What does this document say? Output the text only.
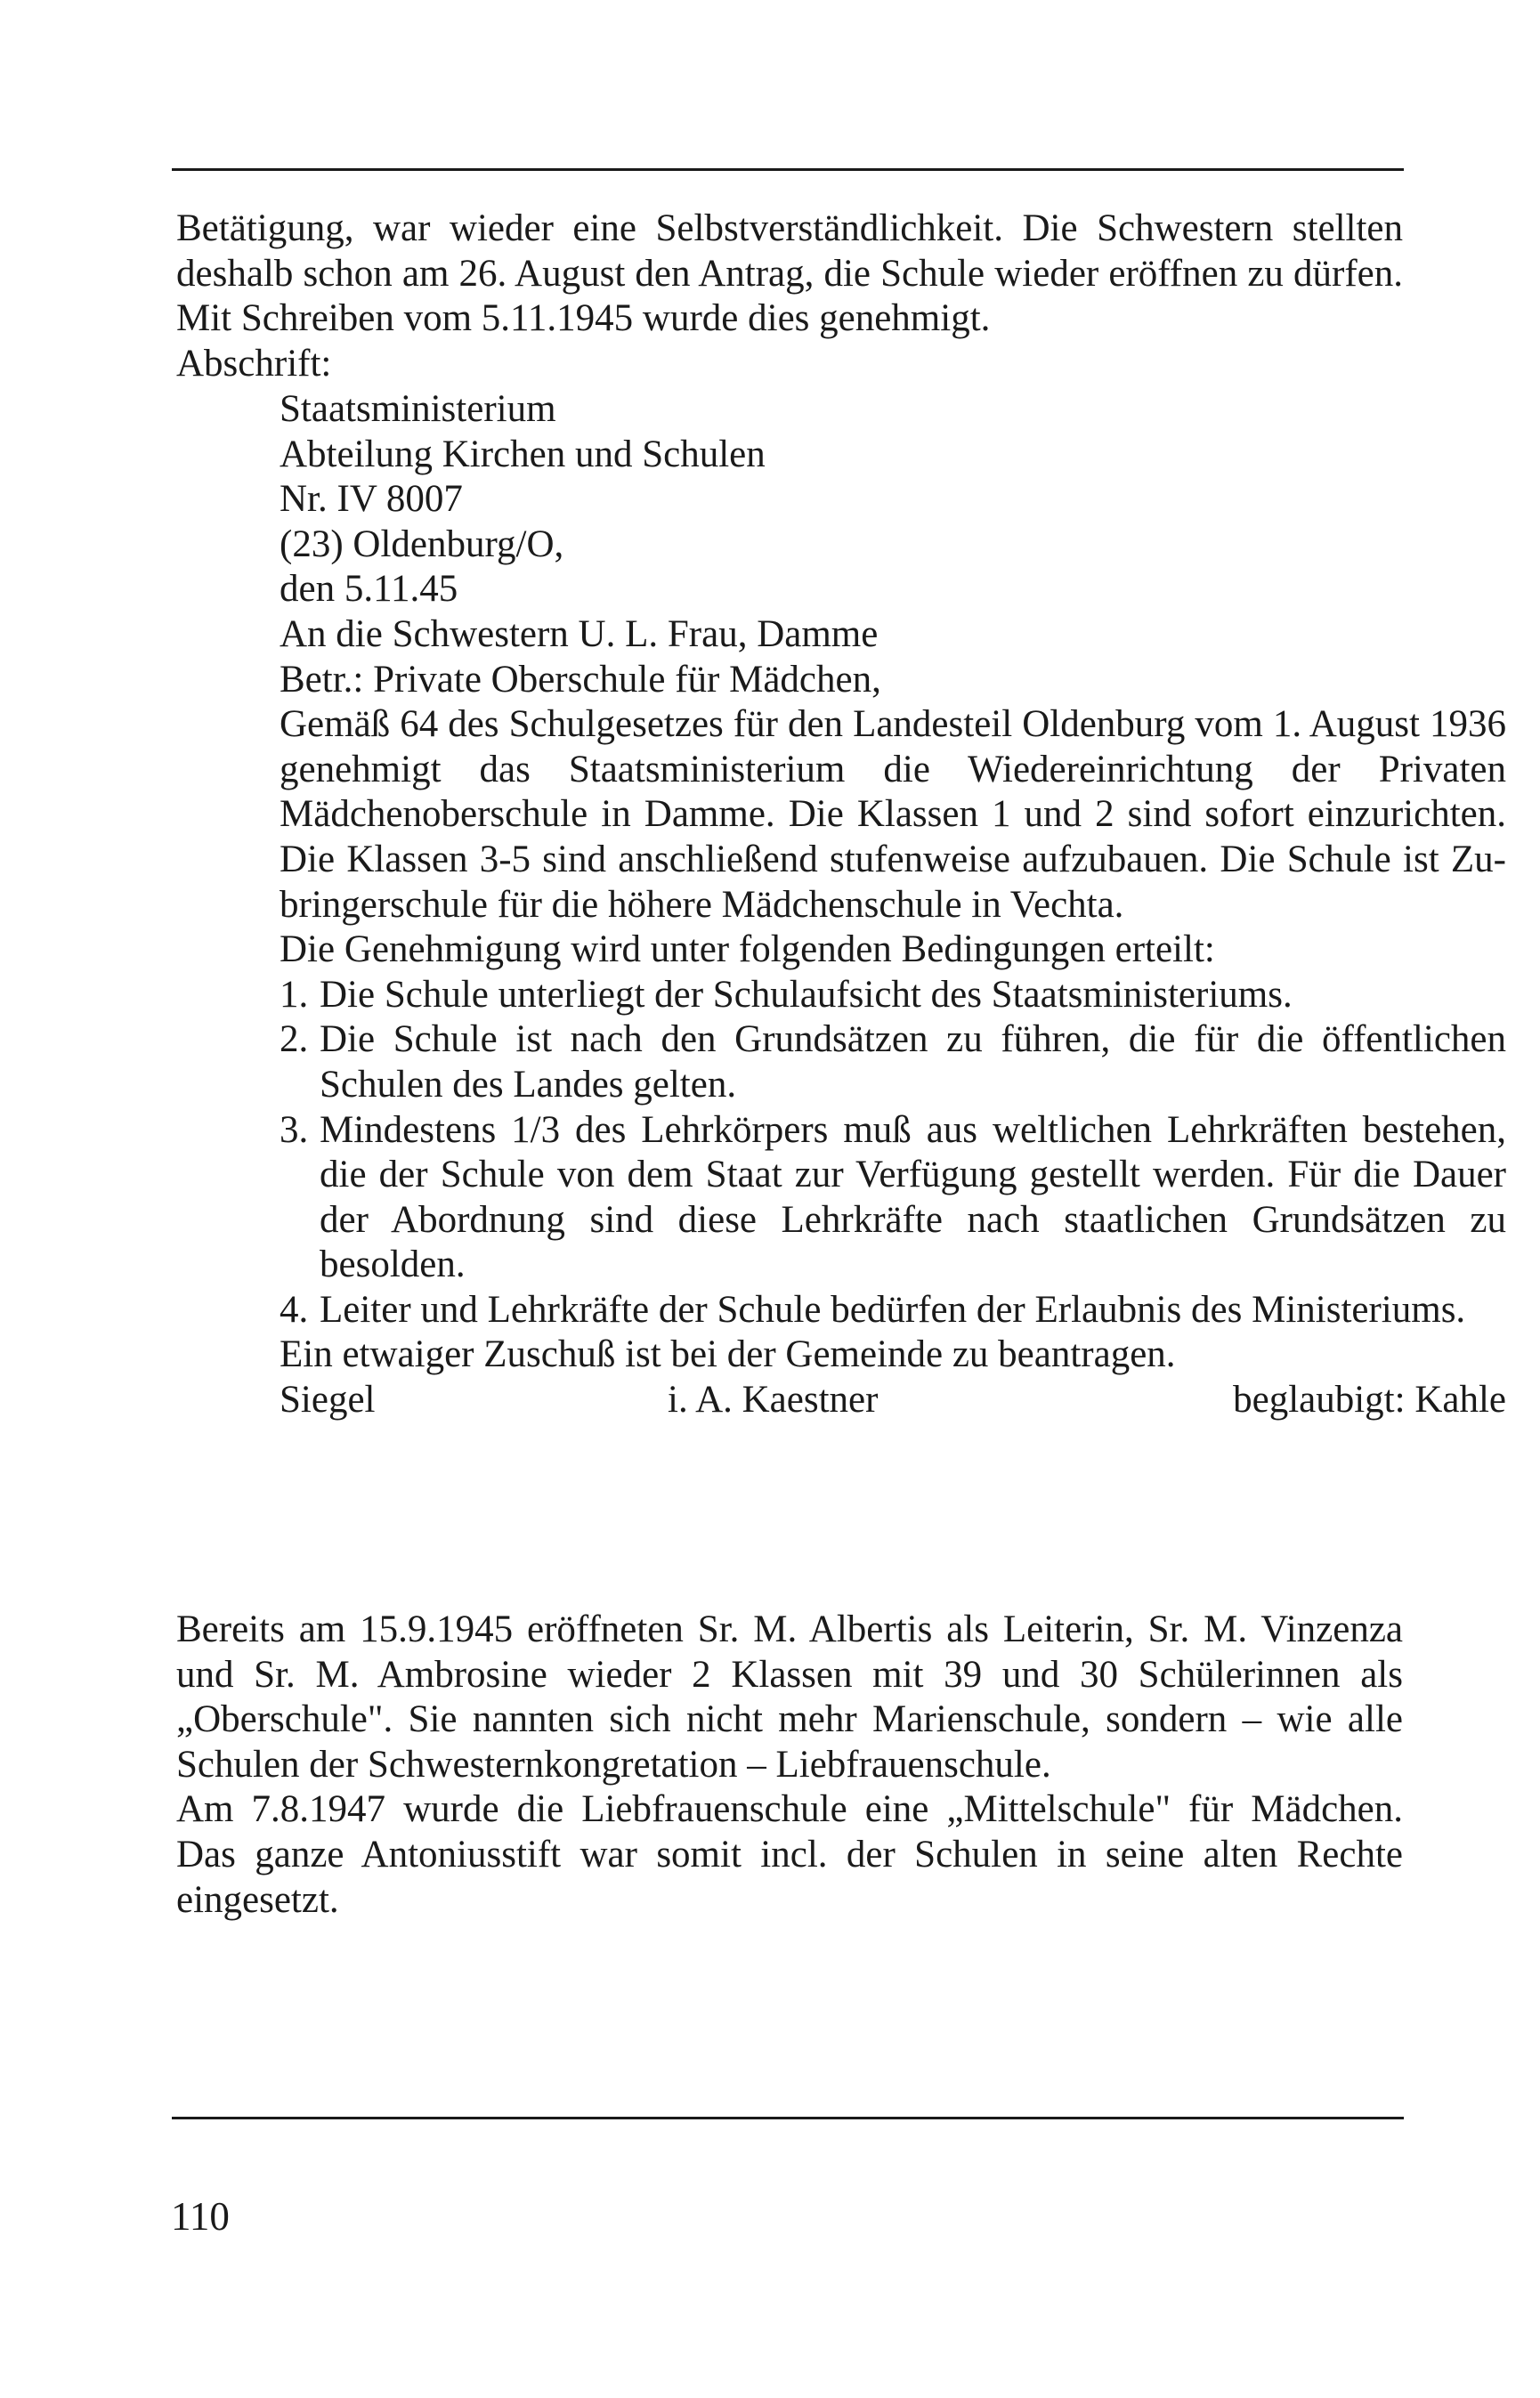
Betätigung, war wieder eine Selbstverständlichkeit. Die Schwestern stellten deshalb schon am 26. August den Antrag, die Schule wieder eröffnen zu dürfen. Mit Schreiben vom 5.11.1945 wurde dies genehmigt.

Abschrift:

Staatsministerium

Abteilung Kirchen und Schulen

Nr. IV 8007

(23) Oldenburg/O,

den 5.11.45

An die Schwestern U. L. Frau, Damme

Betr.: Private Oberschule für Mädchen,

Gemäß 64 des Schulgesetzes für den Landesteil Oldenburg vom 1. August 1936 genehmigt das Staatsministerium die Wiedereinrichtung der Privaten Mädchenoberschule in Damme. Die Klassen 1 und 2 sind sofort einzurichten. Die Klassen 3-5 sind anschließend stufenweise aufzubauen. Die Schule ist Zubringerschule für die höhere Mädchenschule in Vechta.

Die Genehmigung wird unter folgenden Bedingungen erteilt:

1. Die Schule unterliegt der Schulaufsicht des Staatsministeriums.
2. Die Schule ist nach den Grundsätzen zu führen, die für die öffentlichen Schulen des Landes gelten.
3. Mindestens 1/3 des Lehrkörpers muß aus weltlichen Lehrkräften bestehen, die der Schule von dem Staat zur Verfügung gestellt werden. Für die Dauer der Abordnung sind diese Lehrkräfte nach staatlichen Grundsätzen zu besolden.
4. Leiter und Lehrkräfte der Schule bedürfen der Erlaubnis des Ministeriums.

Ein etwaiger Zuschuß ist bei der Gemeinde zu beantragen.

Siegel	i. A. Kaestner	beglaubigt: Kahle

Bereits am 15.9.1945 eröffneten Sr. M. Albertis als Leiterin, Sr. M. Vinzenza und Sr. M. Ambrosine wieder 2 Klassen mit 39 und 30 Schülerinnen als „Oberschule". Sie nannten sich nicht mehr Marienschule, sondern – wie alle Schulen der Schwesternkongretation – Liebfrauenschule.

Am 7.8.1947 wurde die Liebfrauenschule eine „Mittelschule" für Mädchen. Das ganze Antoniusstift war somit incl. der Schulen in seine alten Rechte eingesetzt.

110
